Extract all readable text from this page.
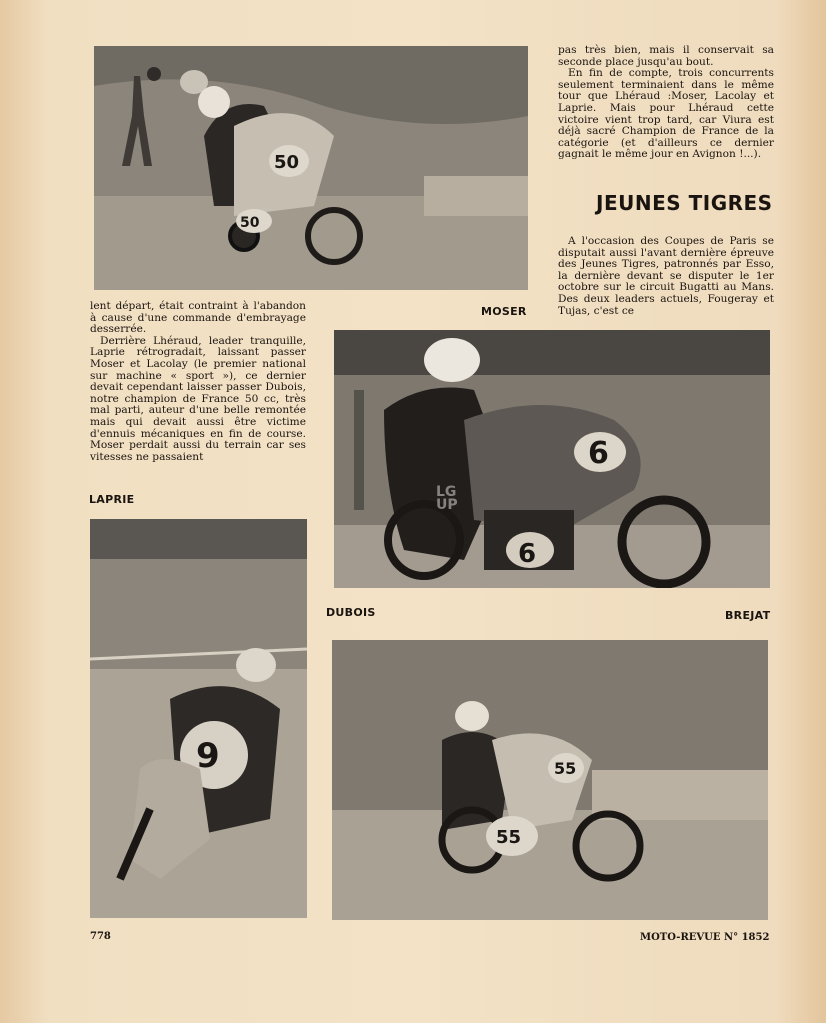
50
50

pas très bien, mais il conservait sa seconde place jusqu'au bout.

En fin de compte, trois concurrents seulement terminaient dans le même tour que Lhéraud :Moser, Lacolay et Laprie. Mais pour Lhéraud cette victoire vient trop tard, car Viura est déjà sacré Champion de France de la catégorie (et d'ailleurs ce dernier gagnait le même jour en Avignon !...).

JEUNES TIGRES

A l'occasion des Coupes de Paris se disputait aussi l'avant dernière épreuve des Jeunes Tigres, patronnés par Esso, la dernière devant se disputer le 1er octobre sur le circuit Bugatti au Mans. Des deux leaders actuels, Fougeray et Tujas, c'est ce

lent départ, était contraint à l'abandon à cause d'une commande d'embrayage desserrée.

Derrière Lhéraud, leader tranquille, Laprie rétrogradait, laissant passer Moser et Lacolay (le premier national sur machine « sport »), ce dernier devait cependant laisser passer Dubois, notre champion de France 50 cc, très mal parti, auteur d'une belle remontée mais qui devait aussi être victime d'ennuis mécaniques en fin de course. Moser perdait aussi du terrain car ses vitesses ne passaient

MOSER
LAPRIE
DUBOIS	BREJAT
6
6
LG
UP
9	55
55
778	MOTO-REVUE N° 1852
